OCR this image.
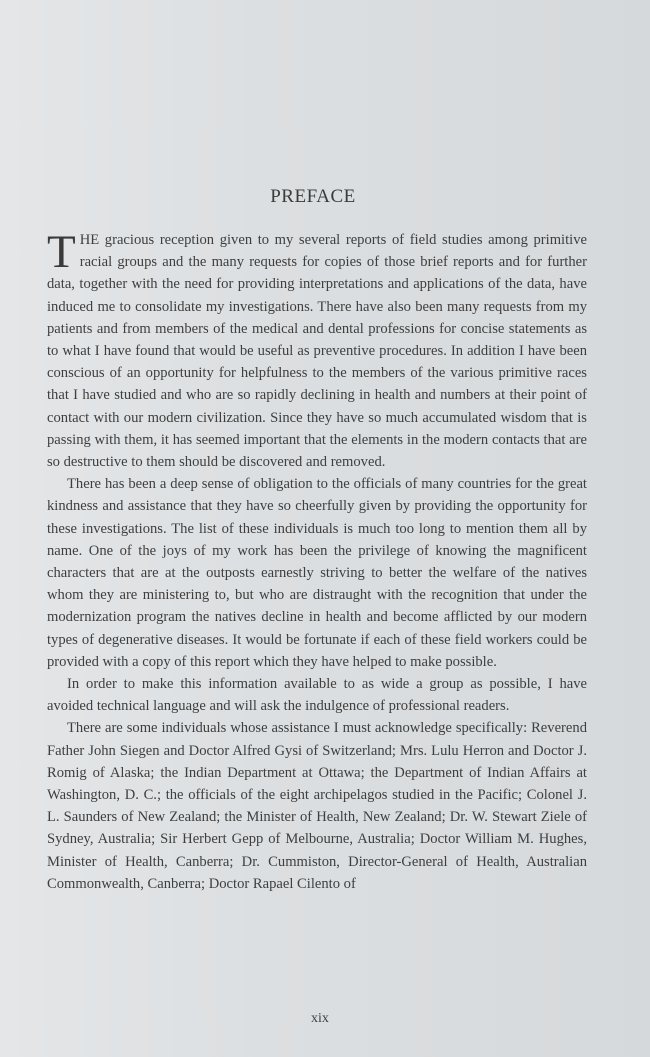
PREFACE

THE gracious reception given to my several reports of field studies among primitive racial groups and the many requests for copies of those brief reports and for further data, together with the need for providing interpretations and applications of the data, have induced me to consolidate my investigations. There have also been many requests from my patients and from members of the medical and dental professions for concise statements as to what I have found that would be useful as preventive procedures. In addition I have been conscious of an opportunity for helpfulness to the members of the various primitive races that I have studied and who are so rapidly declining in health and numbers at their point of contact with our modern civilization. Since they have so much accumulated wisdom that is passing with them, it has seemed important that the elements in the modern contacts that are so destructive to them should be discovered and removed.

There has been a deep sense of obligation to the officials of many countries for the great kindness and assistance that they have so cheerfully given by providing the opportunity for these investigations. The list of these individuals is much too long to mention them all by name. One of the joys of my work has been the privilege of knowing the magnificent characters that are at the outposts earnestly striving to better the welfare of the natives whom they are ministering to, but who are distraught with the recognition that under the modernization program the natives decline in health and become afflicted by our modern types of degenerative diseases. It would be fortunate if each of these field workers could be provided with a copy of this report which they have helped to make possible.

In order to make this information available to as wide a group as possible, I have avoided technical language and will ask the indulgence of professional readers.

There are some individuals whose assistance I must acknowledge specifically: Reverend Father John Siegen and Doctor Alfred Gysi of Switzerland; Mrs. Lulu Herron and Doctor J. Romig of Alaska; the Indian Department at Ottawa; the Department of Indian Affairs at Washington, D. C.; the officials of the eight archipelagos studied in the Pacific; Colonel J. L. Saunders of New Zealand; the Minister of Health, New Zealand; Dr. W. Stewart Ziele of Sydney, Australia; Sir Herbert Gepp of Melbourne, Australia; Doctor William M. Hughes, Minister of Health, Canberra; Dr. Cummiston, Director-General of Health, Australian Commonwealth, Canberra; Doctor Rapael Cilento of

xix
